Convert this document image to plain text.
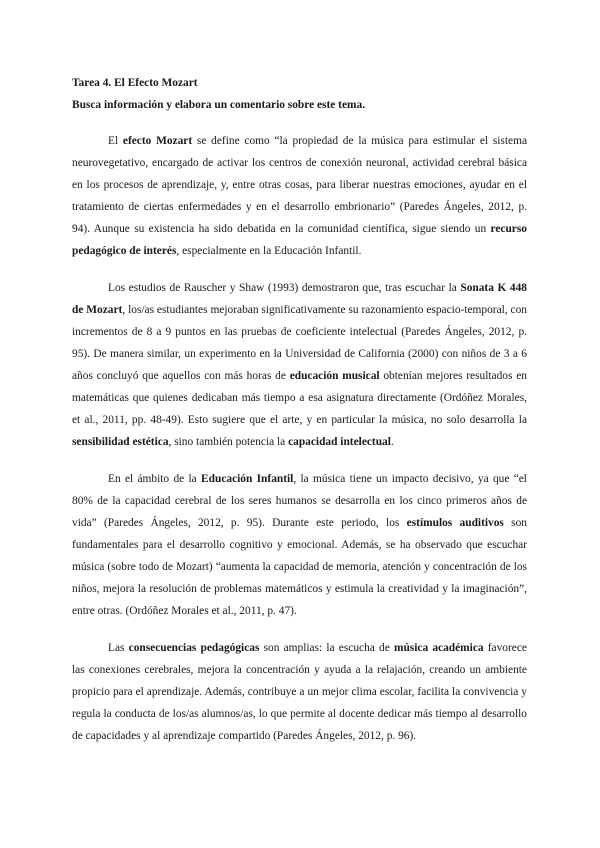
Tarea 4. El Efecto Mozart

Busca información y elabora un comentario sobre este tema.

El efecto Mozart se define como “la propiedad de la música para estimular el sistema neurovegetativo, encargado de activar los centros de conexión neuronal, actividad cerebral básica en los procesos de aprendizaje, y, entre otras cosas, para liberar nuestras emociones, ayudar en el tratamiento de ciertas enfermedades y en el desarrollo embrionario” (Paredes Ángeles, 2012, p. 94). Aunque su existencia ha sido debatida en la comunidad científica, sigue siendo un recurso pedagógico de interés, especialmente en la Educación Infantil.

Los estudios de Rauscher y Shaw (1993) demostraron que, tras escuchar la Sonata K 448 de Mozart, los/as estudiantes mejoraban significativamente su razonamiento espacio-temporal, con incrementos de 8 a 9 puntos en las pruebas de coeficiente intelectual (Paredes Ángeles, 2012, p. 95). De manera similar, un experimento en la Universidad de California (2000) con niños de 3 a 6 años concluyó que aquellos con más horas de educación musical obtenían mejores resultados en matemáticas que quienes dedicaban más tiempo a esa asignatura directamente (Ordóñez Morales, et al., 2011, pp. 48-49). Esto sugiere que el arte, y en particular la música, no solo desarrolla la sensibilidad estética, sino también potencia la capacidad intelectual.

En el ámbito de la Educación Infantil, la música tiene un impacto decisivo, ya que “el 80% de la capacidad cerebral de los seres humanos se desarrolla en los cinco primeros años de vida” (Paredes Ángeles, 2012, p. 95). Durante este periodo, los estímulos auditivos son fundamentales para el desarrollo cognitivo y emocional. Además, se ha observado que escuchar música (sobre todo de Mozart) “aumenta la capacidad de memoria, atención y concentración de los niños, mejora la resolución de problemas matemáticos y estimula la creatividad y la imaginación”, entre otras. (Ordóñez Morales et al., 2011, p. 47).

Las consecuencias pedagógicas son amplias: la escucha de música académica favorece las conexiones cerebrales, mejora la concentración y ayuda a la relajación, creando un ambiente propicio para el aprendizaje. Además, contribuye a un mejor clima escolar, facilita la convivencia y regula la conducta de los/as alumnos/as, lo que permite al docente dedicar más tiempo al desarrollo de capacidades y al aprendizaje compartido (Paredes Ángeles, 2012, p. 96).
